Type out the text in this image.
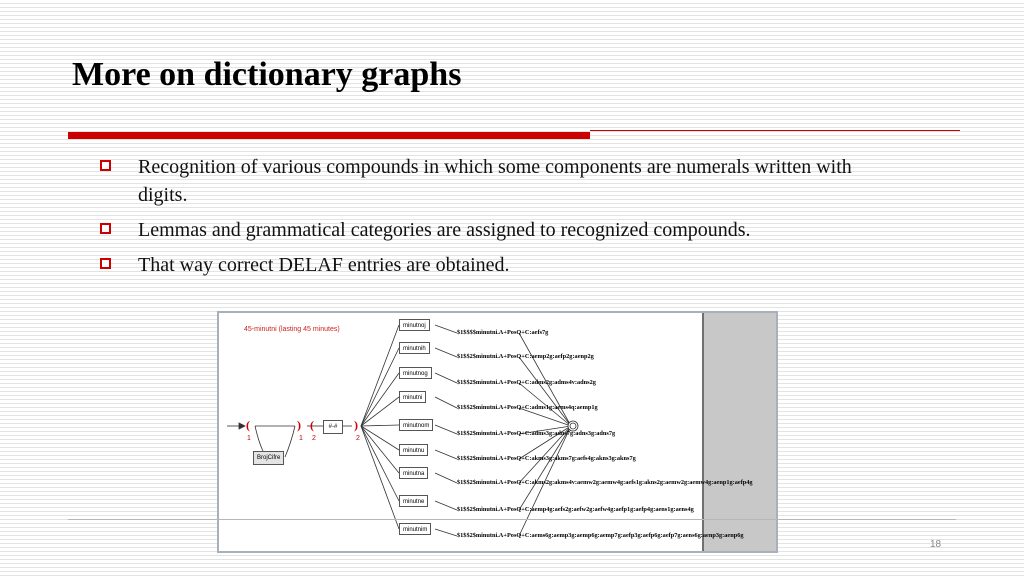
More on dictionary graphs
Recognition of various compounds in which some components are numerals written with digits.
Lemmas and grammatical categories are assigned to recognized compounds.
That way correct DELAF entries are obtained.
45-minutni (lasting 45 minutes)
(	) (	)
1	1 2	2
BrojCifre
#-#
minutnoj
minutnih
minutnog
minutni
minutnom
minutnu
minutna
minutne
minutnim
$1$$$$minutni.A+PosQ+C:aefs7g
$1$$2$minutni.A+PosQ+C:aemp2g:aefp2g:aenp2g
$1$$2$minutni.A+PosQ+C:adms2g:adms4v:adns2g
$1$$2$minutni.A+PosQ+C:adms1g:aems4q:aemp1g
$1$$2$minutni.A+PosQ+C:adms3g:adns7g:adns3g:adns7g
$1$$2$minutni.A+PosQ+C:akms3g:akms7g:aefs4g:akns3g:akns7g
$1$$2$minutni.A+PosQ+C:akms2g:akms4v:aemw2g:aemw4g:aefs1g:akns2g:aemw2g:aemw4g:aenp1g:aefp4g
$1$$2$minutni.A+PosQ+C:aemp4g:aefs2g:aefw2g:aefw4g:aefp1g:aefp4g:aens1g:aens4g
$1$$2$minutni.A+PosQ+C:aems6g:aemp3g:aemp6g:aemp7g:aefp3g:aefp6g:aefp7g:aens6g:aenp3g:aenp6g
18
